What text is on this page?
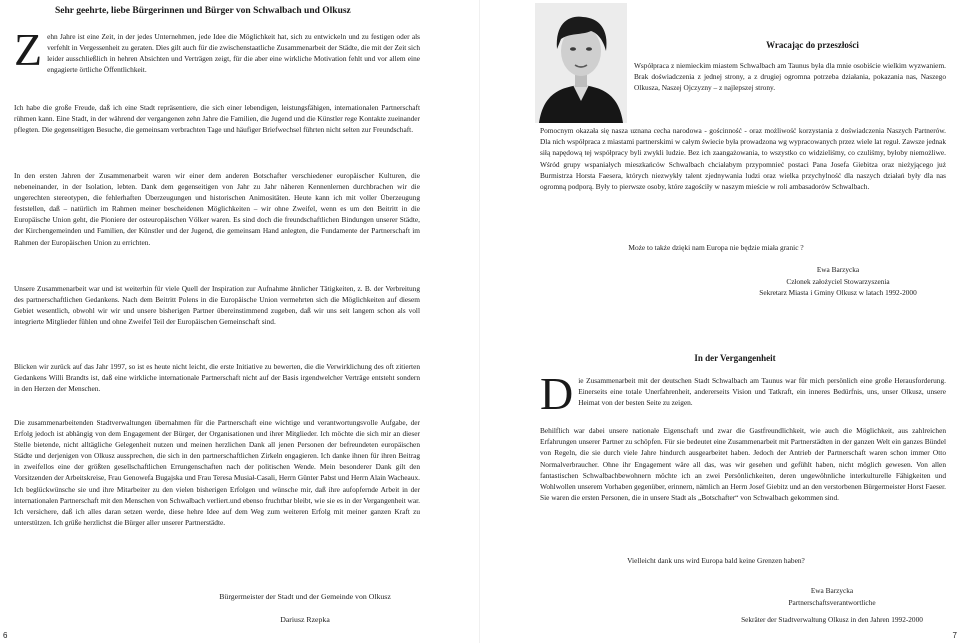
Sehr geehrte, liebe Bürgerinnen und Bürger von Schwalbach und Olkusz

Zehn Jahre ist eine Zeit, in der jedes Unternehmen, jede Idee die Möglichkeit hat, sich zu entwickeln und zu festigen oder als verfehlt in Vergessenheit zu geraten. Dies gilt auch für die zwischenstaatliche Zusammenarbeit der Städte, die mit der Zeit sich leider ausschließlich in hehren Absichten und Verträgen zeigt, für die aber eine wirkliche Motivation fehlt und vor allem eine engagierte örtliche Öffentlichkeit.

Ich habe die große Freude, daß ich eine Stadt repräsentiere, die sich einer lebendigen, leistungsfähigen, internationalen Partnerschaft rühmen kann. Eine Stadt, in der während der vergangenen zehn Jahre die Familien, die Jugend und die Künstler rege Kontakte zueinander pflegten. Die gegenseitigen Besuche, die gemeinsam verbrachten Tage und häufiger Briefwechsel führten nicht selten zur Freundschaft.

In den ersten Jahren der Zusammenarbeit waren wir einer dem anderen Botschafter verschiedener europäischer Kulturen, die nebeneinander, in der Isolation, lebten. Dank dem gegenseitigen von Jahr zu Jahr näheren Kennenlernen durchbrachen wir die ungerechten stereotypen, die fehlerhaften Überzeugungen und historischen Animositäten. Heute kann ich mit voller Überzeugung feststellen, daß – natürlich im Rahmen meiner bescheidenen Möglichkeiten – wir ohne Zweifel, wenn es um den Beitritt in die Europäische Union geht, die Pioniere der osteuropäischen Völker waren. Es sind doch die freundschaftlichen Bindungen unserer Städte, der Kirchengemeinden und Familien, der Künstler und der Jugend, die gemeinsam Hand anlegten, die Fundamente der Partnerschaft im Rahmen der Europäischen Union zu errichten.

Unsere Zusammenarbeit war und ist weiterhin für viele Quell der Inspiration zur Aufnahme ähnlicher Tätigkeiten, z. B. der Verbreitung des partnerschaftlichen Gedankens. Nach dem Beitritt Polens in die Europäische Union vermehrten sich die Möglichkeiten auf diesem Gebiet wesentlich, obwohl wir wir und unsere bisherigen Partner übereinstimmend zugeben, daß wir uns seit langem schon als voll integrierte Mitglieder fühlen und ohne Zweifel Teil der Europäischen Gemeinschaft sind.

Blicken wir zurück auf das Jahr 1997, so ist es heute nicht leicht, die erste Initiative zu bewerten, die die Verwirklichung des oft zitierten Gedankens Willi Brandts ist, daß eine wirkliche internationale Partnerschaft nicht auf der Basis irgendwelcher Verträge entsteht sondern in den Herzen der Menschen.

Die zusammenarbeitenden Stadtverwaltungen übernahmen für die Partnerschaft eine wichtige und verantwortungsvolle Aufgabe, der Erfolg jedoch ist abhängig von dem Engagement der Bürger, der Organisationen und ihrer Mitglieder. Ich möchte die sich mir an dieser Stelle bietende, nicht alltägliche Gelegenheit nutzen und meinen herzlichen Dank all jenen Personen der befreundeten europäischen Städte und derjenigen von Olkusz aussprechen, die sich in den partnerschaftlichen Zirkeln engagieren. Ich danke ihnen für ihren Beitrag in zweifellos eine der größten gesellschaftlichen Errungenschaften nach der politischen Wende. Mein besonderer Dank gilt den Vorsitzenden der Arbeitskreise, Frau Genowefa Bugajska und Frau Teresa Musiał-Casali, Herrn Günter Pabst und Herrn Alain Wacheaux. Ich beglückwünsche sie und ihre Mitarbeiter zu den vielen bisherigen Erfolgen und wünsche mir, daß ihre aufopfernde Arbeit in der internationalen Partnerschaft mit den Menschen von Schwalbach verliert.und ebenso fruchtbar bleibt, wie sie es in der Vergangenheit war. Ich versichere, daß ich alles daran setzen werde, diese hehre Idee auf dem Weg zum weiteren Erfolg mit meiner ganzen Kraft zu unterstützen. Ich grüße herzlichst die Bürger aller unserer Partnerstädte.

Bürgermeister der Stadt und der Gemeinde von Olkusz
Dariusz Rzepka
6
Wracając do przeszłości

Współpraca z niemieckim miastem Schwalbach am Taunus była dla mnie osobiście wielkim wyzwaniem. Brak doświadczenia z jednej strony, a z drugiej ogromna potrzeba działania, pokazania nas, Naszego Olkusza, Naszej Ojczyzny – z najlepszej strony.

Pomocnym okazała się nasza uznana cecha narodowa - gościnność - oraz możliwość korzystania z doświadczenia Naszych Partnerów. Dla nich współpraca z miastami partnerskimi w całym świecie była prowadzona wg wypracowanych przez wiele lat reguł. Zawsze jednak siłą napędową tej współpracy byli zwykli ludzie. Bez ich zaangażowania, to wszystko co widzieliśmy, co czuliśmy, byłoby niemożliwe. Wśród grupy wspaniałych mieszkańców Schwalbach chciałabym przypomnieć postaci Pana Josefa Giebitza oraz nieżyjącego już Burmistrza Horsta Faesera, których niezwykły talent zjednywania ludzi oraz wielka przychylność dla naszych działań były dla nas ogromną podporą. Były to pierwsze osoby, które zagościły w naszym mieście w roli ambasadorów Schwalbach.

Może to także dzięki nam Europa nie będzie miała granic ?
Ewa Barzycka
Członek założyciel Stowarzyszenia
Sekretarz Miasta i Gminy Olkusz w latach 1992-2000
In der Vergangenheit

Die Zusammenarbeit mit der deutschen Stadt Schwalbach am Taunus war für mich persönlich eine große Herausforderung. Einerseits eine totale Unerfahrenheit, andererseits Vision und Tatkraft, ein inneres Bedürfnis, uns, unser Olkusz, unsere Heimat von der besten Seite zu zeigen.

Behilflich war dabei unsere nationale Eigenschaft und zwar die Gastfreundlichkeit, wie auch die Möglichkeit, aus zahlreichen Erfahrungen unserer Partner zu schöpfen. Für sie bedeutet eine Zusammenarbeit mit Partnerstädten in der ganzen Welt ein ganzes Bündel von Regeln, die sie durch viele Jahre hindurch ausgearbeitet haben. Jedoch der Antrieb der Partnerschaft waren schon immer Otto Normalverbraucher. Ohne ihr Engagement wäre all das, was wir gesehen und gefühlt haben, nicht möglich gewesen. Von allen fantastischen Schwalbachbewohnern möchte ich an zwei Persönlichkeiten, deren ungewöhnliche interkulturelle Fähigkeiten und Wohlwollen unserem Vorhaben gegenüber, erinnern, nämlich an Herrn Josef Giebitz und an den verstorbenen Bürgermeister Horst Faeser. Sie waren die ersten Personen, die in unsere Stadt als „Botschafter“ von Schwalbach gekommen sind.

Vielleicht dank uns wird Europa bald keine Grenzen haben?
Ewa Barzycka
Partnerschaftsverantwortliche
Sekräter der Stadtverwaltung Olkusz in den Jahren 1992-2000
7
